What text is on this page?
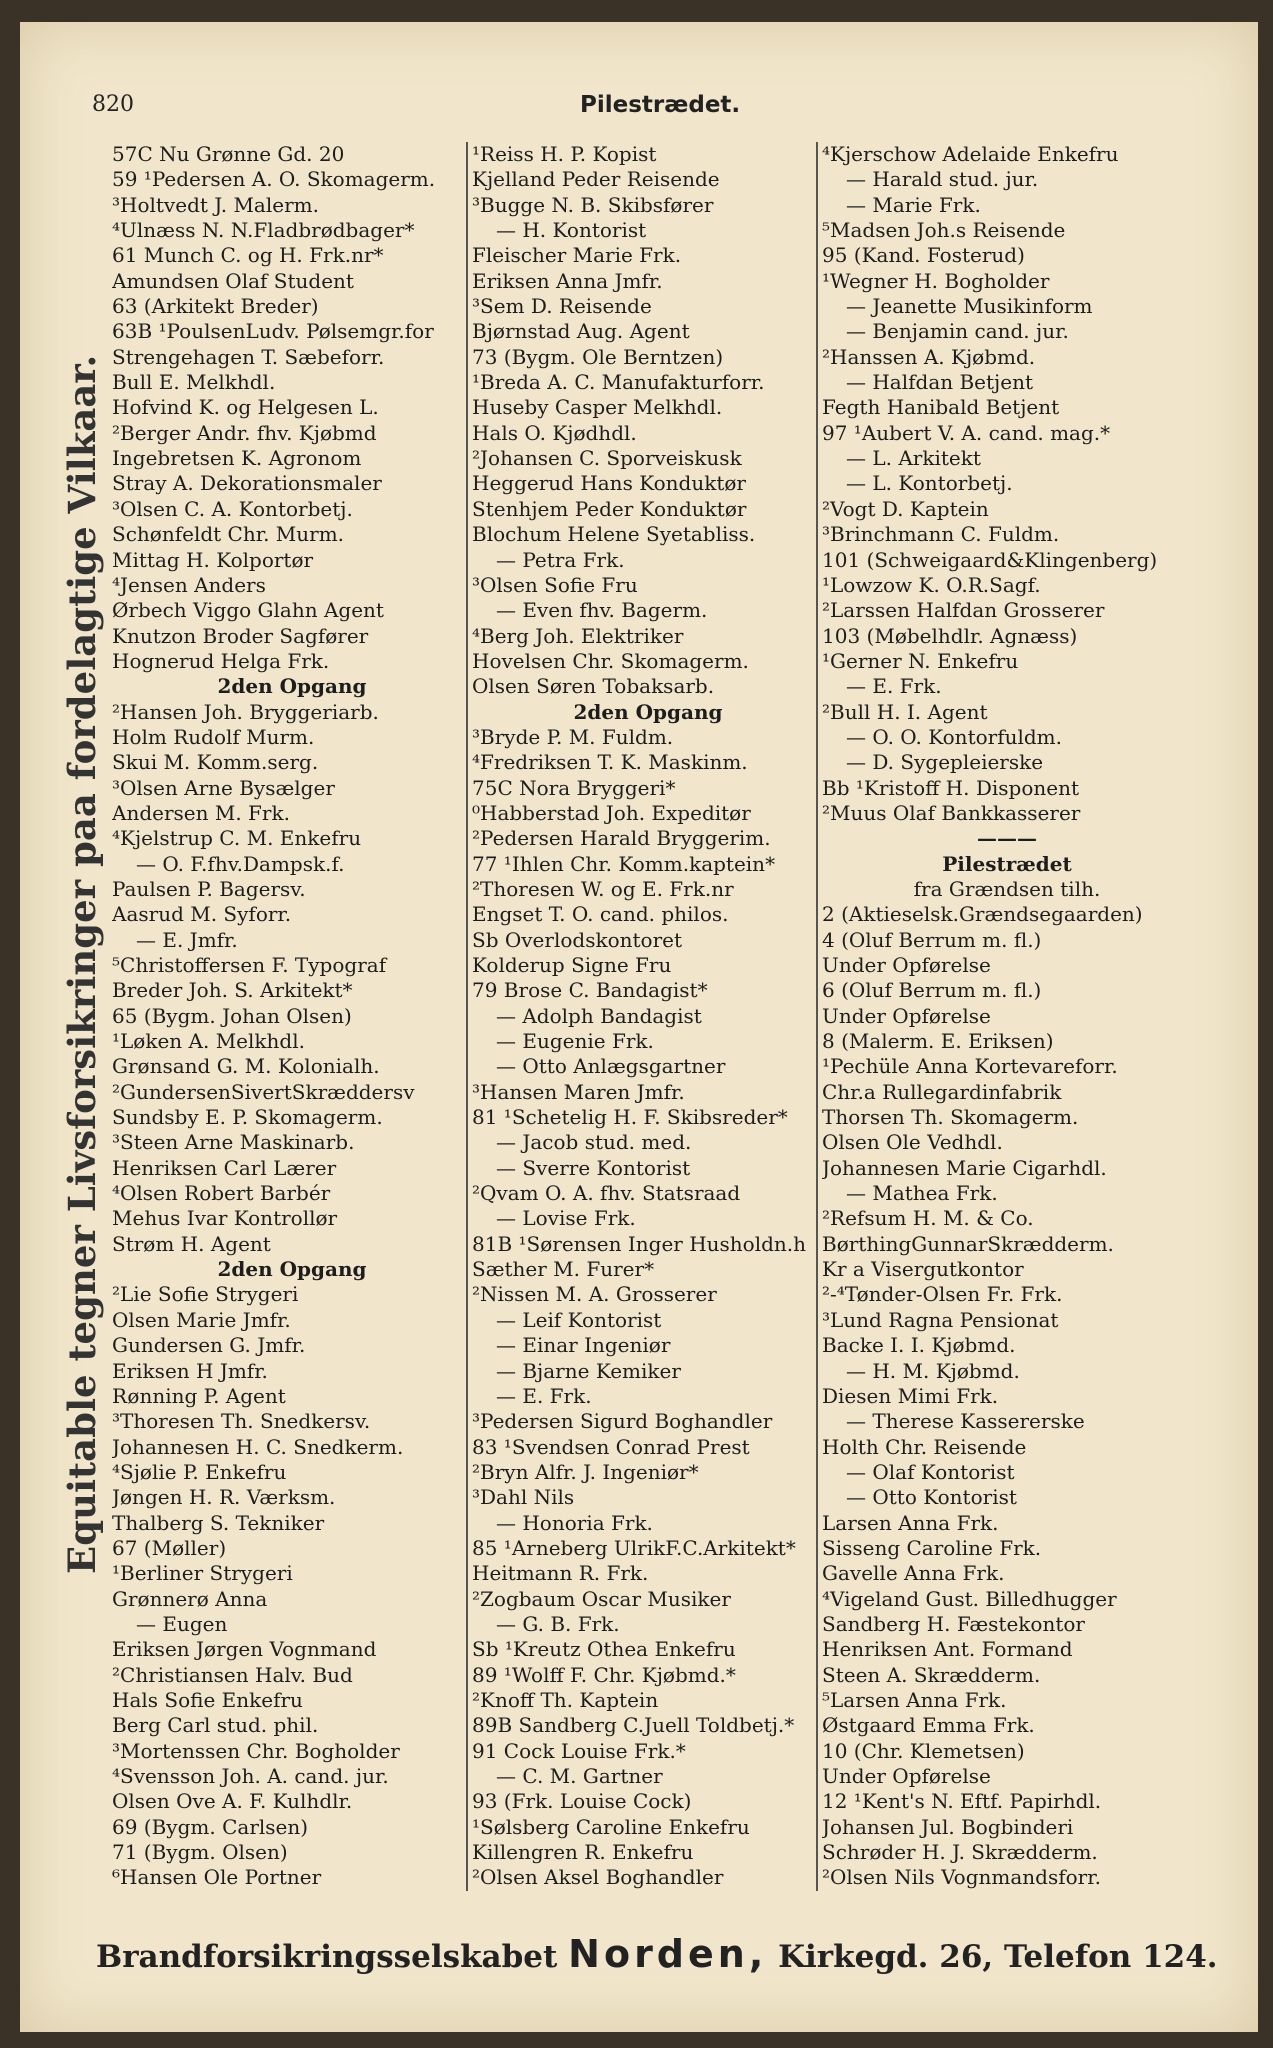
820	Pilestrædet.
Equitable tegner Livsforsikringer paa fordelagtige Vilkaar.
57C Nu Grønne Gd. 20
59 ¹Pedersen A. O. Skomagerm.
³Holtvedt J. Malerm.
⁴Ulnæss N. N.Fladbrødbager*
61 Munch C. og H. Frk.nr*
Amundsen Olaf Student
63 (Arkitekt Breder)
63B ¹PoulsenLudv. Pølsemgr.for
Strengehagen T. Sæbeforr.
Bull E. Melkhdl.
Hofvind K. og Helgesen L.
²Berger Andr. fhv. Kjøbmd
Ingebretsen K. Agronom
Stray A. Dekorationsmaler
³Olsen C. A. Kontorbetj.
Schønfeldt Chr. Murm.
Mittag H. Kolportør
⁴Jensen Anders
Ørbech Viggo Glahn Agent
Knutzon Broder Sagfører
Hognerud Helga Frk.
2den Opgang
²Hansen Joh. Bryggeriarb.
Holm Rudolf Murm.
Skui M. Komm.serg.
³Olsen Arne Bysælger
Andersen M. Frk.
⁴Kjelstrup C. M. Enkefru
— O. F.fhv.Dampsk.f.
Paulsen P. Bagersv.
Aasrud M. Syforr.
— E. Jmfr.
⁵Christoffersen F. Typograf
Breder Joh. S. Arkitekt*
65 (Bygm. Johan Olsen)
¹Løken A. Melkhdl.
Grønsand G. M. Kolonialh.
²GundersenSivertSkræddersv
Sundsby E. P. Skomagerm.
³Steen Arne Maskinarb.
Henriksen Carl Lærer
⁴Olsen Robert Barbér
Mehus Ivar Kontrollør
Strøm H. Agent
2den Opgang
²Lie Sofie Strygeri
Olsen Marie Jmfr.
Gundersen G. Jmfr.
Eriksen H Jmfr.
Rønning P. Agent
³Thoresen Th. Snedkersv.
Johannesen H. C. Snedkerm.
⁴Sjølie P. Enkefru
Jøngen H. R. Værksm.
Thalberg S. Tekniker
67 (Møller)
¹Berliner Strygeri
Grønnerø Anna
— Eugen
Eriksen Jørgen Vognmand
²Christiansen Halv. Bud
Hals Sofie Enkefru
Berg Carl stud. phil.
³Mortenssen Chr. Bogholder
⁴Svensson Joh. A. cand. jur.
Olsen Ove A. F. Kulhdlr.
69 (Bygm. Carlsen)
71 (Bygm. Olsen)
⁶Hansen Ole Portner
¹Reiss H. P. Kopist
Kjelland Peder Reisende
³Bugge N. B. Skibsfører
— H. Kontorist
Fleischer Marie Frk.
Eriksen Anna Jmfr.
³Sem D. Reisende
Bjørnstad Aug. Agent
73 (Bygm. Ole Berntzen)
¹Breda A. C. Manufakturforr.
Huseby Casper Melkhdl.
Hals O. Kjødhdl.
²Johansen C. Sporveiskusk
Heggerud Hans Konduktør
Stenhjem Peder Konduktør
Blochum Helene Syetabliss.
— Petra Frk.
³Olsen Sofie Fru
— Even fhv. Bagerm.
⁴Berg Joh. Elektriker
Hovelsen Chr. Skomagerm.
Olsen Søren Tobaksarb.
2den Opgang
³Bryde P. M. Fuldm.
⁴Fredriksen T. K. Maskinm.
75C Nora Bryggeri*
⁰Habberstad Joh. Expeditør
²Pedersen Harald Bryggerim.
77 ¹Ihlen Chr. Komm.kaptein*
²Thoresen W. og E. Frk.nr
Engset T. O. cand. philos.
Sb Overlodskontoret
Kolderup Signe Fru
79 Brose C. Bandagist*
— Adolph Bandagist
— Eugenie Frk.
— Otto Anlægsgartner
³Hansen Maren Jmfr.
81 ¹Schetelig H. F. Skibsreder*
— Jacob stud. med.
— Sverre Kontorist
²Qvam O. A. fhv. Statsraad
— Lovise Frk.
81B ¹Sørensen Inger Husholdn.h
Sæther M. Furer*
²Nissen M. A. Grosserer
— Leif Kontorist
— Einar Ingeniør
— Bjarne Kemiker
— E. Frk.
³Pedersen Sigurd Boghandler
83 ¹Svendsen Conrad Prest
²Bryn Alfr. J. Ingeniør*
³Dahl Nils
— Honoria Frk.
85 ¹Arneberg UlrikF.C.Arkitekt*
Heitmann R. Frk.
²Zogbaum Oscar Musiker
— G. B. Frk.
Sb ¹Kreutz Othea Enkefru
89 ¹Wolff F. Chr. Kjøbmd.*
²Knoff Th. Kaptein
89B Sandberg C.Juell Toldbetj.*
91 Cock Louise Frk.*
— C. M. Gartner
93 (Frk. Louise Cock)
¹Sølsberg Caroline Enkefru
Killengren R. Enkefru
²Olsen Aksel Boghandler
⁴Kjerschow Adelaide Enkefru
— Harald stud. jur.
— Marie Frk.
⁵Madsen Joh.s Reisende
95 (Kand. Fosterud)
¹Wegner H. Bogholder
— Jeanette Musikinform
— Benjamin cand. jur.
²Hanssen A. Kjøbmd.
— Halfdan Betjent
Fegth Hanibald Betjent
97 ¹Aubert V. A. cand. mag.*
— L. Arkitekt
— L. Kontorbetj.
²Vogt D. Kaptein
³Brinchmann C. Fuldm.
101 (Schweigaard&Klingenberg)
¹Lowzow K. O.R.Sagf.
²Larssen Halfdan Grosserer
103 (Møbelhdlr. Agnæss)
¹Gerner N. Enkefru
— E. Frk.
²Bull H. I. Agent
— O. O. Kontorfuldm.
— D. Sygepleierske
Bb ¹Kristoff H. Disponent
²Muus Olaf Bankkasserer
———
Pilestrædet
fra Grændsen tilh.
2 (Aktieselsk.Grændsegaarden)
4 (Oluf Berrum m. fl.)
Under Opførelse
6 (Oluf Berrum m. fl.)
Under Opførelse
8 (Malerm. E. Eriksen)
¹Pechüle Anna Kortevareforr.
Chr.a Rullegardinfabrik
Thorsen Th. Skomagerm.
Olsen Ole Vedhdl.
Johannesen Marie Cigarhdl.
— Mathea Frk.
²Refsum H. M. & Co.
BørthingGunnarSkrædderm.
Kr a Visergutkontor
²-⁴Tønder-Olsen Fr. Frk.
³Lund Ragna Pensionat
Backe I. I. Kjøbmd.
— H. M. Kjøbmd.
Diesen Mimi Frk.
— Therese Kassererske
Holth Chr. Reisende
— Olaf Kontorist
— Otto Kontorist
Larsen Anna Frk.
Sisseng Caroline Frk.
Gavelle Anna Frk.
⁴Vigeland Gust. Billedhugger
Sandberg H. Fæstekontor
Henriksen Ant. Formand
Steen A. Skrædderm.
⁵Larsen Anna Frk.
Østgaard Emma Frk.
10 (Chr. Klemetsen)
Under Opførelse
12 ¹Kent's N. Eftf. Papirhdl.
Johansen Jul. Bogbinderi
Schrøder H. J. Skrædderm.
²Olsen Nils Vognmandsforr.
Brandforsikringsselskabet Norden, Kirkegd. 26, Telefon 124.
